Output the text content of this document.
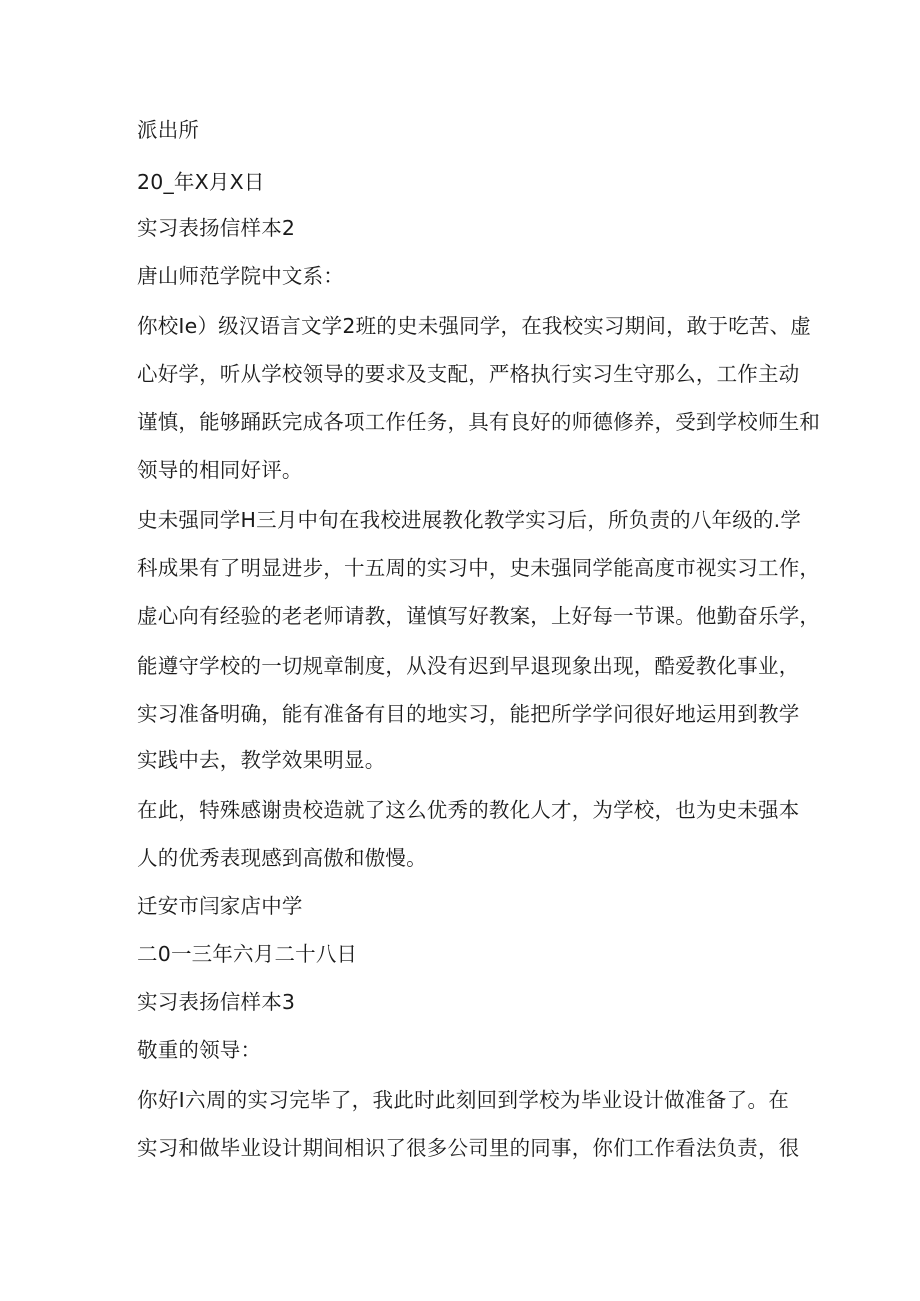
派出所
20_年X月X日
实习表扬信样本2
唐山师范学院中文系：
你校Ie）级汉语言文学2班的史未强同学，在我校实习期间，敢于吃苦、虚
心好学，听从学校领导的要求及支配，严格执行实习生守那么，工作主动
谨慎，能够踊跃完成各项工作任务，具有良好的师德修养，受到学校师生和
领导的相同好评。
史未强同学H三月中旬在我校进展教化教学实习后，所负责的八年级的.学
科成果有了明显进步，十五周的实习中，史未强同学能高度市视实习工作，
虚心向有经验的老老师请教，谨慎写好教案，上好每一节课。他勤奋乐学，
能遵守学校的一切规章制度，从没有迟到早退现象出现，酷爱教化事业，
实习准备明确，能有准备有目的地实习，能把所学学问很好地运用到教学
实践中去，教学效果明显。
在此，特殊感谢贵校造就了这么优秀的教化人才，为学校，也为史未强本
人的优秀表现感到高傲和傲慢。
迁安市闫家店中学
二0一三年六月二十八日
实习表扬信样本3
敬重的领导：
你好I六周的实习完毕了，我此时此刻回到学校为毕业设计做准备了。在
实习和做毕业设计期间相识了很多公司里的同事，你们工作看法负责，很
